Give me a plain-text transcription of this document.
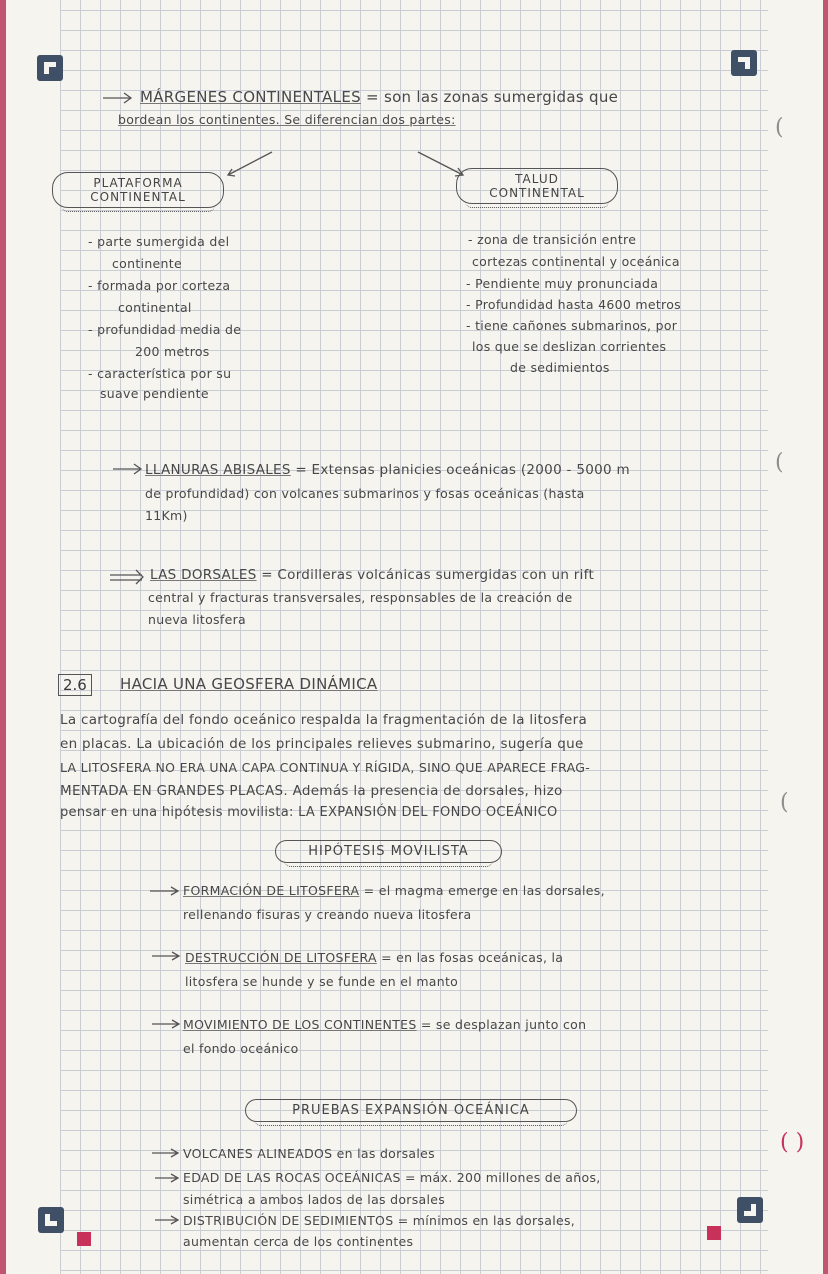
(
(
(
( )
MÁRGENES CONTINENTALES = son las zonas sumergidas que
bordean los continentes. Se diferencian dos partes:
PLATAFORMA
CONTINENTAL
- parte sumergida del
continente
- formada por corteza
continental
- profundidad media de
200 metros
- característica por su
suave pendiente
TALUD
CONTINENTAL
- zona de transición entre
cortezas continental y oceánica
- Pendiente muy pronunciada
- Profundidad hasta 4600 metros
- tiene cañones submarinos, por
los que se deslizan corrientes
de sedimientos
LLANURAS ABISALES = Extensas planicies oceánicas (2000 - 5000 m
de profundidad) con volcanes submarinos y fosas oceánicas (hasta
11Km)
LAS DORSALES = Cordilleras volcánicas sumergidas con un rift
central y fracturas transversales, responsables de la creación de
nueva litosfera
2.6	HACIA UNA GEOSFERA DINÁMICA
La cartografía del fondo oceánico respalda la fragmentación de la litosfera
en placas. La ubicación de los principales relieves submarino, sugería que
LA LITOSFERA NO ERA UNA CAPA CONTINUA Y RÍGIDA, SINO QUE APARECE FRAG-
MENTADA EN GRANDES PLACAS. Además la presencia de dorsales, hizo
pensar en una hipótesis movilista: LA EXPANSIÓN DEL FONDO OCEÁNICO
HIPÓTESIS MOVILISTA
FORMACIÓN DE LITOSFERA = el magma emerge en las dorsales,
rellenando fisuras y creando nueva litosfera
DESTRUCCIÓN DE LITOSFERA = en las fosas oceánicas, la
litosfera se hunde y se funde en el manto
MOVIMIENTO DE LOS CONTINENTES = se desplazan junto con
el fondo oceánico
PRUEBAS EXPANSIÓN OCEÁNICA
VOLCANES ALINEADOS en las dorsales
EDAD DE LAS ROCAS OCEÁNICAS = máx. 200 millones de años,
simétrica a ambos lados de las dorsales
DISTRIBUCIÓN DE SEDIMIENTOS = mínimos en las dorsales,
aumentan cerca de los continentes
